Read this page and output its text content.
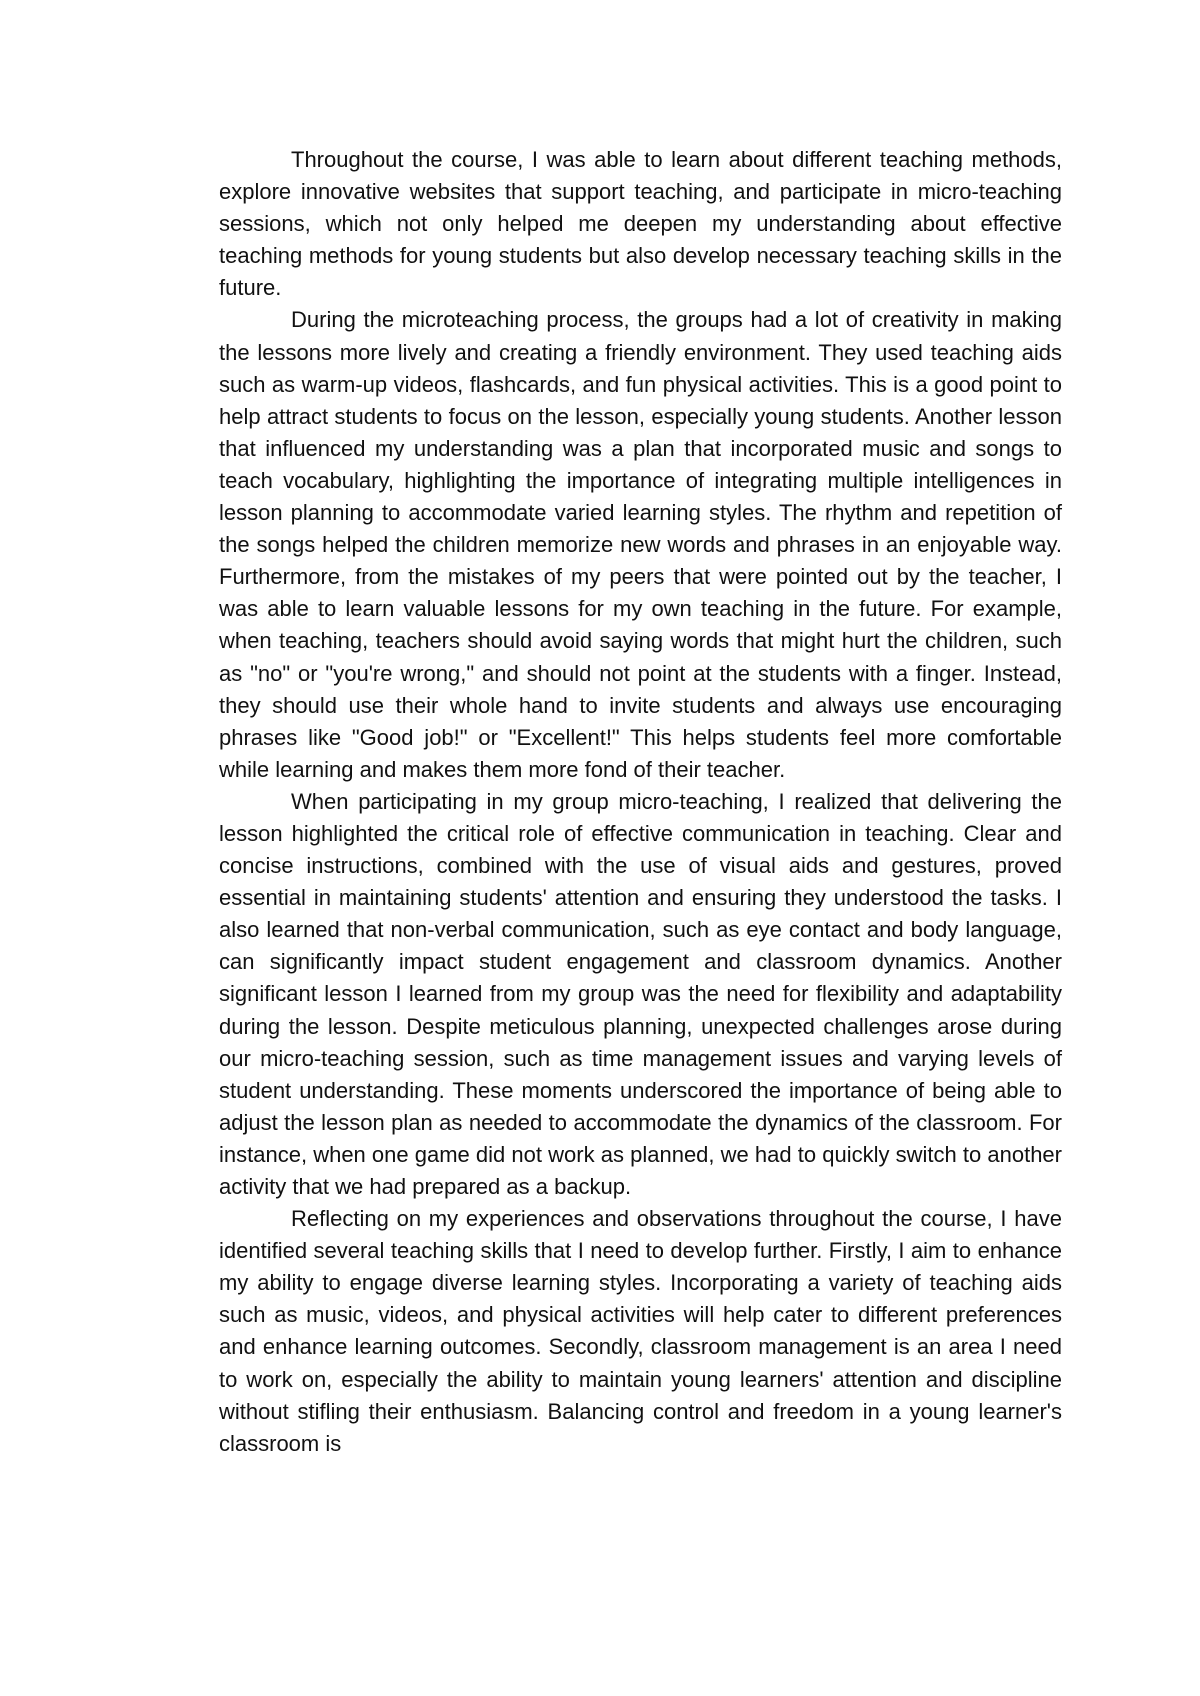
Throughout the course, I was able to learn about different teaching methods, explore innovative websites that support teaching, and participate in micro-teaching sessions, which not only helped me deepen my understanding about effective teaching methods for young students but also develop necessary teaching skills in the future.

During the microteaching process, the groups had a lot of creativity in making the lessons more lively and creating a friendly environment. They used teaching aids such as warm-up videos, flashcards, and fun physical activities. This is a good point to help attract students to focus on the lesson, especially young students. Another lesson that influenced my understanding was a plan that incorporated music and songs to teach vocabulary, highlighting the importance of integrating multiple intelligences in lesson planning to accommodate varied learning styles. The rhythm and repetition of the songs helped the children memorize new words and phrases in an enjoyable way. Furthermore, from the mistakes of my peers that were pointed out by the teacher, I was able to learn valuable lessons for my own teaching in the future. For example, when teaching, teachers should avoid saying words that might hurt the children, such as "no" or "you're wrong," and should not point at the students with a finger. Instead, they should use their whole hand to invite students and always use encouraging phrases like "Good job!" or "Excellent!" This helps students feel more comfortable while learning and makes them more fond of their teacher.

When participating in my group micro-teaching, I realized that delivering the lesson highlighted the critical role of effective communication in teaching. Clear and concise instructions, combined with the use of visual aids and gestures, proved essential in maintaining students' attention and ensuring they understood the tasks. I also learned that non-verbal communication, such as eye contact and body language, can significantly impact student engagement and classroom dynamics. Another significant lesson I learned from my group was the need for flexibility and adaptability during the lesson. Despite meticulous planning, unexpected challenges arose during our micro-teaching session, such as time management issues and varying levels of student understanding. These moments underscored the importance of being able to adjust the lesson plan as needed to accommodate the dynamics of the classroom. For instance, when one game did not work as planned, we had to quickly switch to another activity that we had prepared as a backup.

Reflecting on my experiences and observations throughout the course, I have identified several teaching skills that I need to develop further. Firstly, I aim to enhance my ability to engage diverse learning styles. Incorporating a variety of teaching aids such as music, videos, and physical activities will help cater to different preferences and enhance learning outcomes. Secondly, classroom management is an area I need to work on, especially the ability to maintain young learners' attention and discipline without stifling their enthusiasm. Balancing control and freedom in a young learner's classroom is
